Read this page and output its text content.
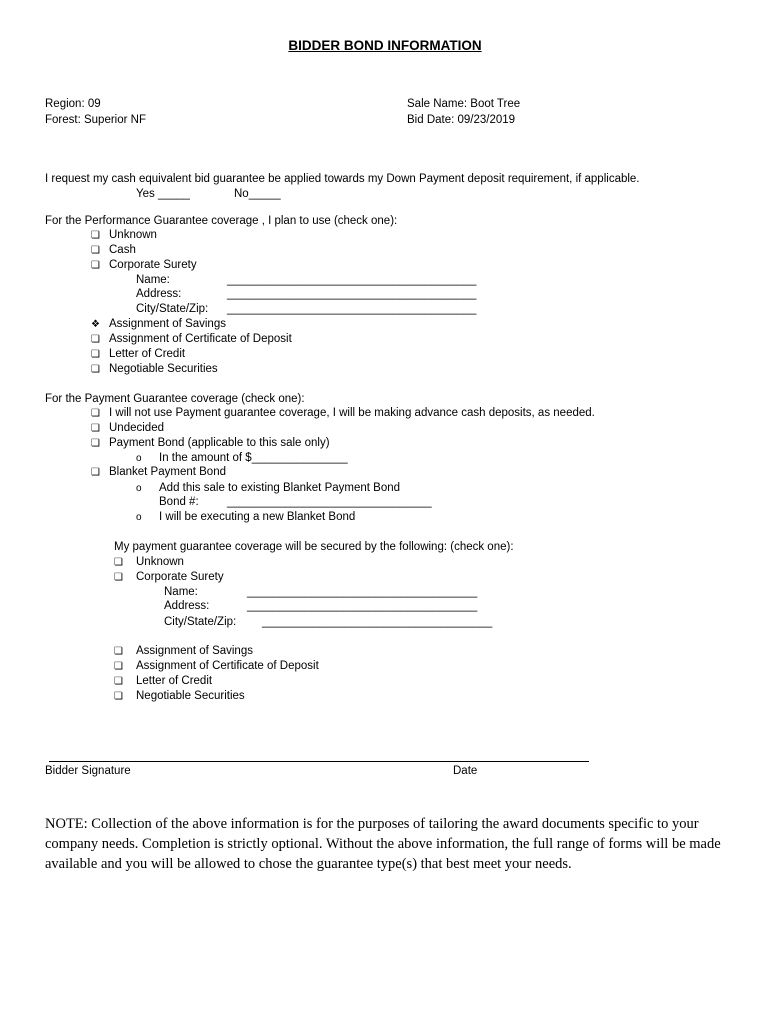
BIDDER BOND INFORMATION
Region: 09
Forest: Superior NF
Sale Name: Boot Tree
Bid Date: 09/23/2019
I request my cash equivalent bid guarantee be applied towards my Down Payment deposit requirement, if applicable.
Yes _____	No_____
For the Performance Guarantee coverage , I plan to use (check one):
❏ Unknown
❏ Cash
❏ Corporate Surety
Name:	_______________________________________
Address:	_______________________________________
City/State/Zip: _______________________________________
❖ Assignment of Savings
❏ Assignment of Certificate of Deposit
❏ Letter of Credit
❏ Negotiable Securities
For the Payment Guarantee coverage (check one):
❏ I will not use Payment guarantee coverage, I will be making advance cash deposits, as needed.
❏ Undecided
❏ Payment Bond (applicable to this sale only)
o In the amount of $_______________
❏ Blanket Payment Bond
o Add this sale to existing Blanket Payment Bond
Bond #: ________________________________
o I will be executing a new Blanket Bond
My payment guarantee coverage will be secured by the following: (check one):
❏ Unknown
❏ Corporate Surety
Name:	____________________________________
Address:	____________________________________
City/State/Zip: ____________________________________
❏ Assignment of Savings
❏ Assignment of Certificate of Deposit
❏ Letter of Credit
❏ Negotiable Securities
Bidder Signature	Date
NOTE: Collection of the above information is for the purposes of tailoring the award documents specific to your company needs. Completion is strictly optional. Without the above information, the full range of forms will be made available and you will be allowed to chose the guarantee type(s) that best meet your needs.
